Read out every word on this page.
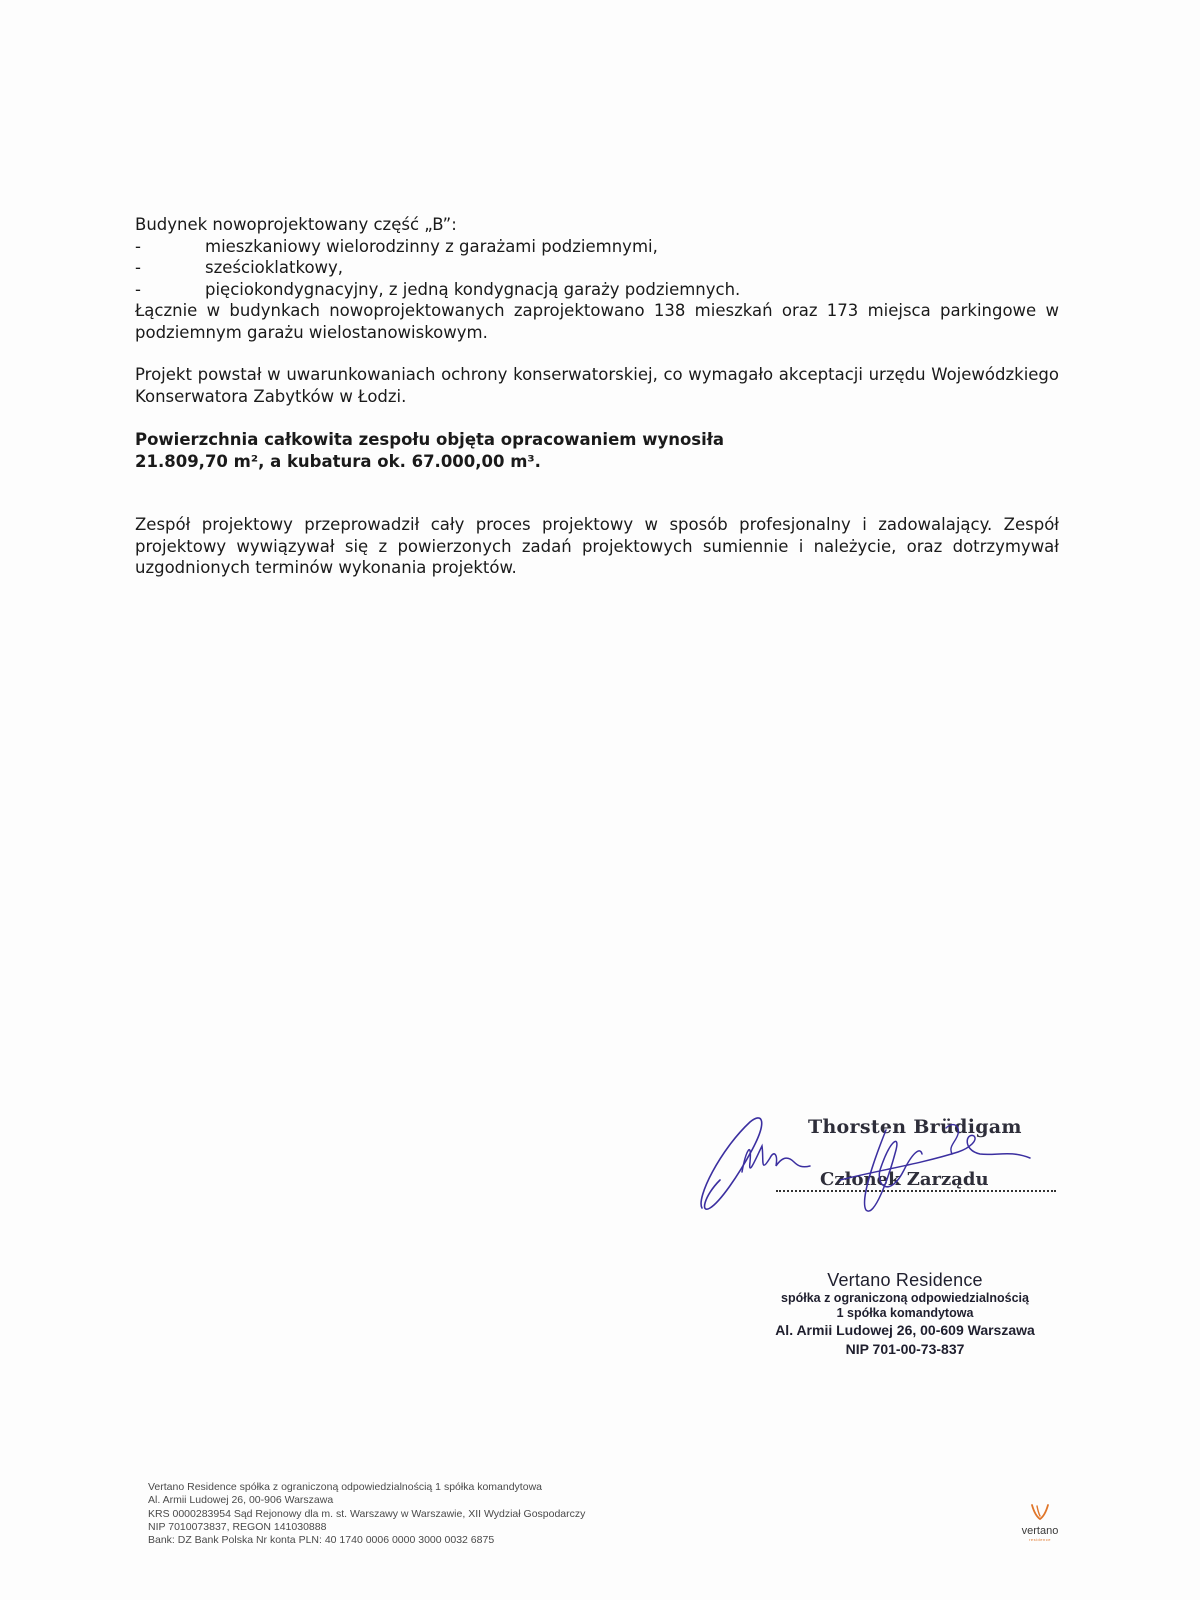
Budynek nowoprojektowany część „B”:

-	mieszkaniowy wielorodzinny z garażami podziemnymi,
-	sześcioklatkowy,
-	pięciokondygnacyjny, z jedną kondygnacją garaży podziemnych.

Łącznie w budynkach nowoprojektowanych zaprojektowano 138 mieszkań oraz 173 miejsca parkingowe w podziemnym garażu wielostanowiskowym.

Projekt powstał w uwarunkowaniach ochrony konserwatorskiej, co wymagało akceptacji urzędu Wojewódzkiego Konserwatora Zabytków w Łodzi.

Powierzchnia całkowita zespołu objęta opracowaniem wynosiła
21.809,70 m², a kubatura ok. 67.000,00 m³.

Zespół projektowy przeprowadził cały proces projektowy w sposób profesjonalny i zadowalający. Zespół projektowy wywiązywał się z powierzonych zadań projektowych sumiennie i należycie, oraz dotrzymywał uzgodnionych terminów wykonania projektów.

Thorsten Brüdigam
Członek Zarządu
Vertano Residence
spółka z ograniczoną odpowiedzialnością
1 spółka komandytowa
Al. Armii Ludowej 26, 00-609 Warszawa
NIP 701-00-73-837
Vertano Residence spółka z ograniczoną odpowiedzialnością 1 spółka komandytowa
Al. Armii Ludowej 26, 00-906 Warszawa
KRS 0000283954 Sąd Rejonowy dla m. st. Warszawy w Warszawie, XII Wydział Gospodarczy
NIP 7010073837, REGON 141030888
Bank: DZ Bank Polska Nr konta PLN: 40 1740 0006 0000 3000 0032 6875
vertano
residence
